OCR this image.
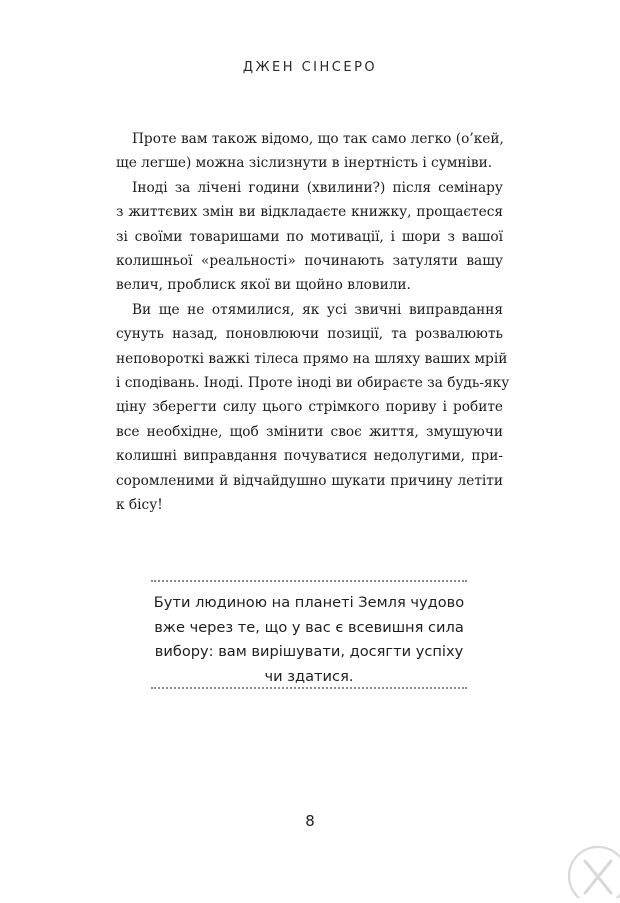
ДЖЕН СІНСЕРО
Проте вам також відомо, що так само легко (о’кей,
ще легше) можна зіслизнути в інертність і сумніви.
Іноді за лічені години (хвилини?) після семінару
з життєвих змін ви відкладаєте книжку, прощаєтеся
зі своїми товаришами по мотивації, і шори з вашої
колишньої «реальності» починають затуляти вашу
велич, проблиск якої ви щойно вловили.
Ви ще не отямилися, як усі звичні виправдання
сунуть назад, поновлюючи позиції, та розвалюють
неповороткі важкі тілеса прямо на шляху ваших мрій
і сподівань. Іноді. Проте іноді ви обираєте за будь-яку
ціну зберегти силу цього стрімкого пориву і робите
все необхідне, щоб змінити своє життя, змушуючи
колишні виправдання почуватися недолугими, при-
соромленими й відчайдушно шукати причину летіти
к бісу!
Бути людиною на планеті Земля чудово
вже через те, що у вас є всевишня сила
вибору: вам вирішувати, досягти успіху
чи здатися.
8
